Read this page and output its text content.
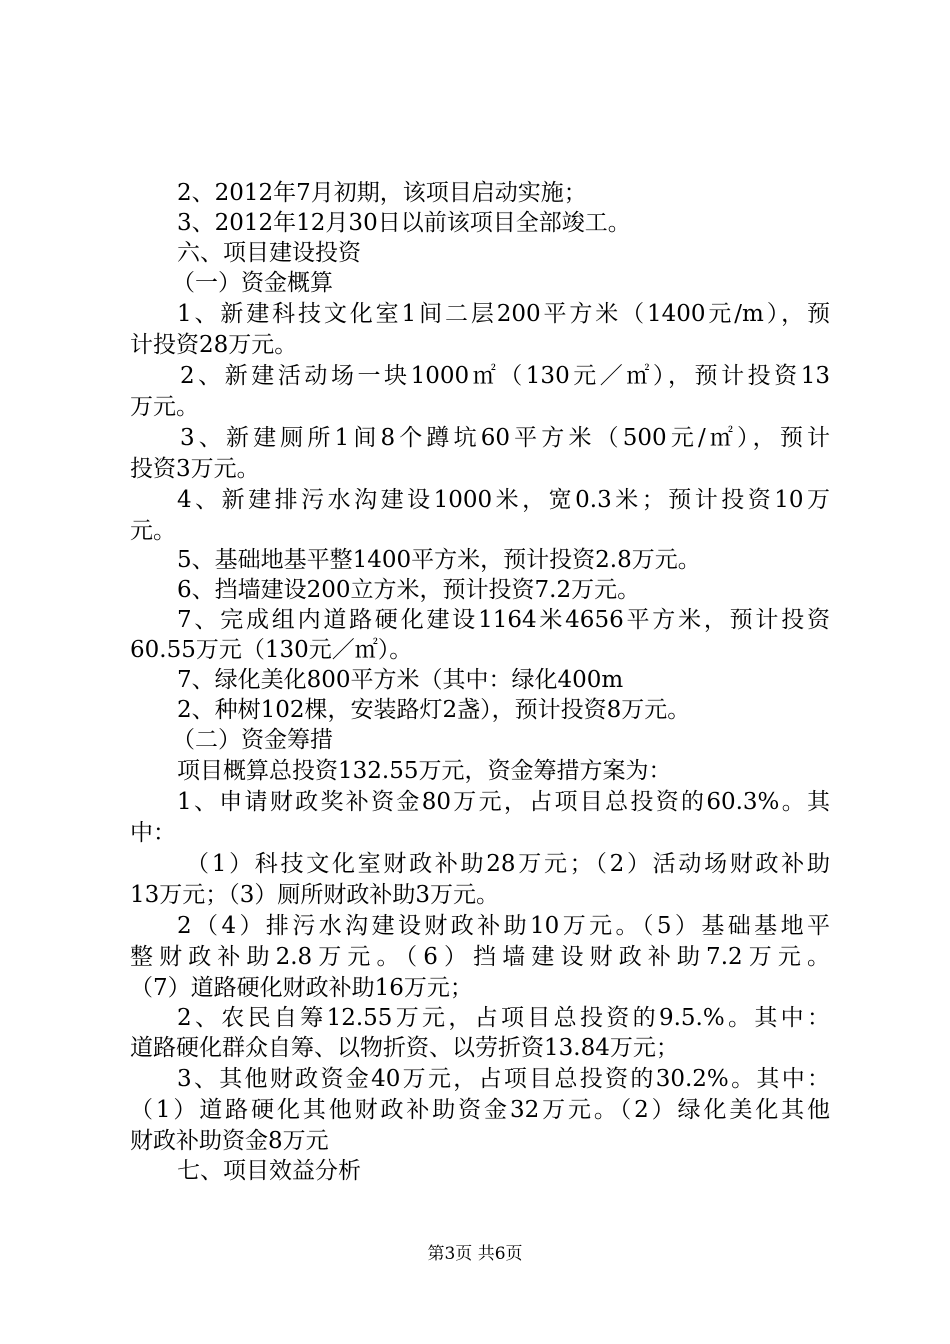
2、2012年7月初期，该项目启动实施；
3、2012年12月30日以前该项目全部竣工。
六、项目建设投资
（一）资金概算
1、新建科技文化室1间二层200平方米（1400元/m），预
计投资28万元。
2、新建活动场一块1000㎡（130元／㎡），预计投资13
万元。
3、新建厕所1间8个蹲坑60平方米（500元/㎡），预计
投资3万元。
4、新建排污水沟建设1000米，宽0.3米；预计投资10万
元。
5、基础地基平整1400平方米，预计投资2.8万元。
6、挡墙建设200立方米，预计投资7.2万元。
7、完成组内道路硬化建设1164米4656平方米，预计投资
60.55万元（130元／㎡）。
7、绿化美化800平方米（其中：绿化400m
2、种树102棵，安装路灯2盏），预计投资8万元。
（二）资金筹措
项目概算总投资132.55万元，资金筹措方案为：
1、申请财政奖补资金80万元，占项目总投资的60.3%。其
中：
（1）科技文化室财政补助28万元；（2）活动场财政补助
13万元；（3）厕所财政补助3万元。
2（4）排污水沟建设财政补助10万元。（5）基础基地平
整财政补助2.8万元。（6）挡墙建设财政补助7.2万元。
（7）道路硬化财政补助16万元；
2、农民自筹12.55万元，占项目总投资的9.5.%。其中：
道路硬化群众自筹、以物折资、以劳折资13.84万元；
3、其他财政资金40万元，占项目总投资的30.2%。其中：
（1）道路硬化其他财政补助资金32万元。（2）绿化美化其他
财政补助资金8万元
七、项目效益分析
第3页 共6页
